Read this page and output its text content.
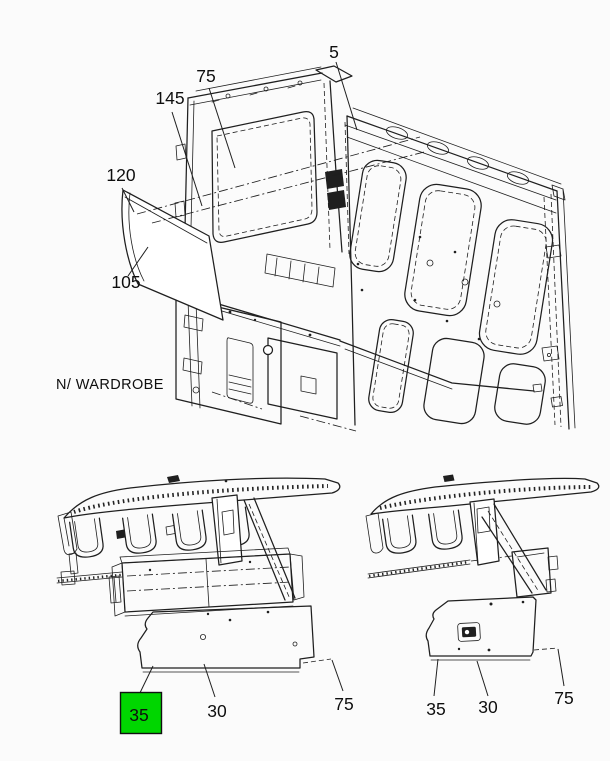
5
75
145
120
105
N/ WARDROBE
35	30	75	35 30	75
